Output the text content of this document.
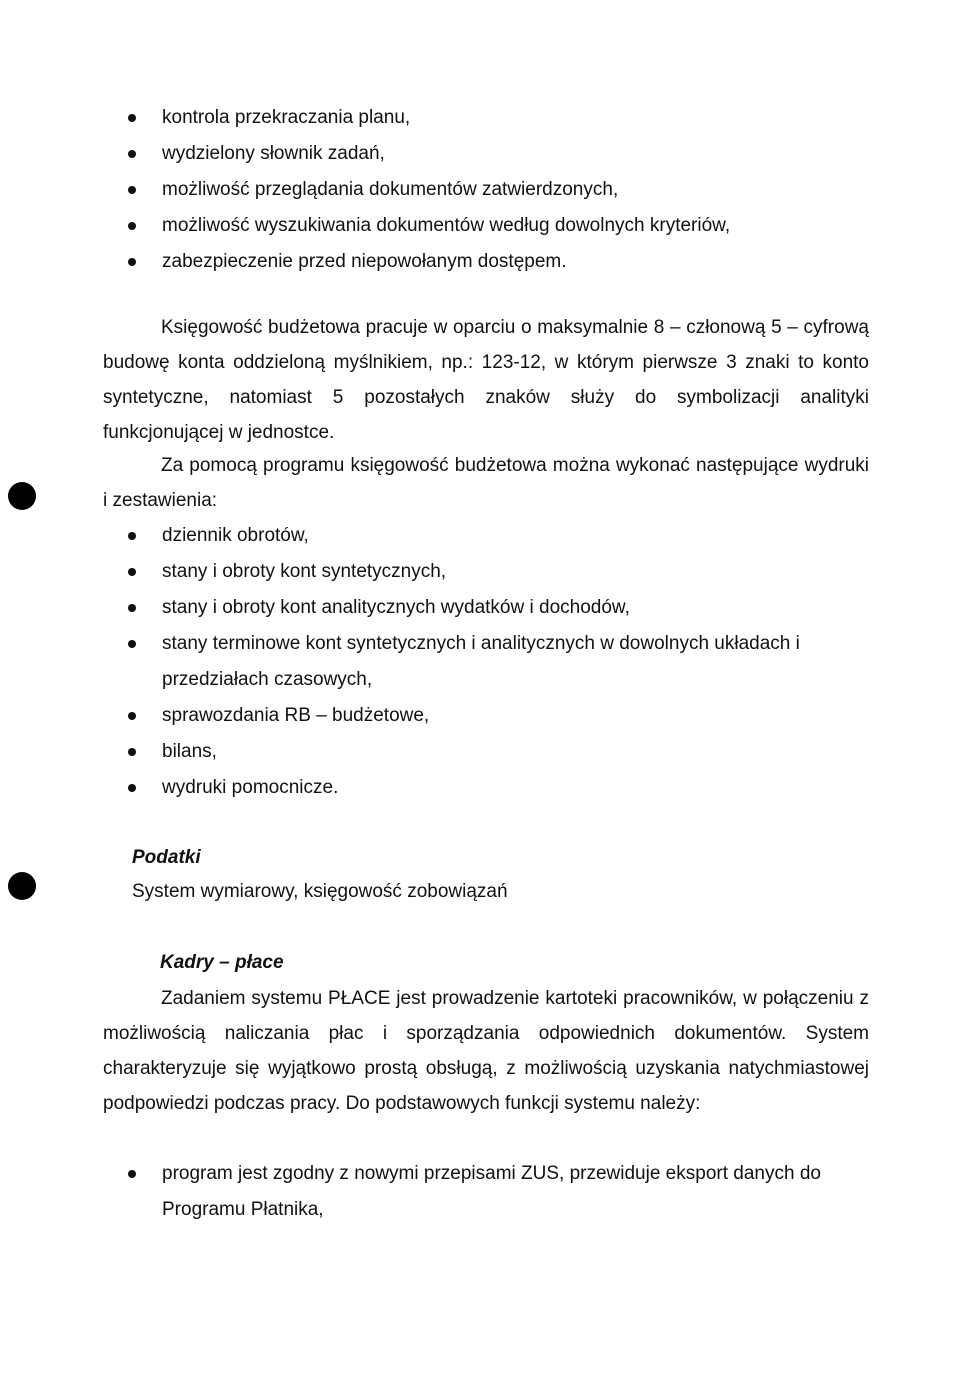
kontrola przekraczania planu,
wydzielony słownik zadań,
możliwość przeglądania dokumentów zatwierdzonych,
możliwość wyszukiwania dokumentów według dowolnych kryteriów,
zabezpieczenie przed niepowołanym dostępem.

Księgowość budżetowa pracuje w oparciu o maksymalnie 8 – członową 5 – cyfrową budowę konta oddzieloną myślnikiem, np.: 123-12, w którym pierwsze 3 znaki to konto syntetyczne, natomiast 5 pozostałych znaków służy do symbolizacji analityki funkcjonującej w jednostce.

Za pomocą programu księgowość budżetowa można wykonać następujące wydruki i zestawienia:

dziennik obrotów,
stany i obroty kont syntetycznych,
stany i obroty kont analitycznych wydatków i dochodów,
stany terminowe kont syntetycznych i analitycznych w dowolnych układach i przedziałach czasowych,
sprawozdania RB – budżetowe,
bilans,
wydruki pomocnicze.
Podatki

System wymiarowy, księgowość zobowiązań

Kadry – płace

Zadaniem systemu PŁACE jest prowadzenie kartoteki pracowników, w połączeniu z możliwością naliczania płac i sporządzania odpowiednich dokumentów. System charakteryzuje się wyjątkowo prostą obsługą, z możliwością uzyskania natychmiastowej podpowiedzi podczas pracy. Do podstawowych funkcji systemu należy:

program jest zgodny z nowymi przepisami ZUS, przewiduje eksport danych do Programu Płatnika,
